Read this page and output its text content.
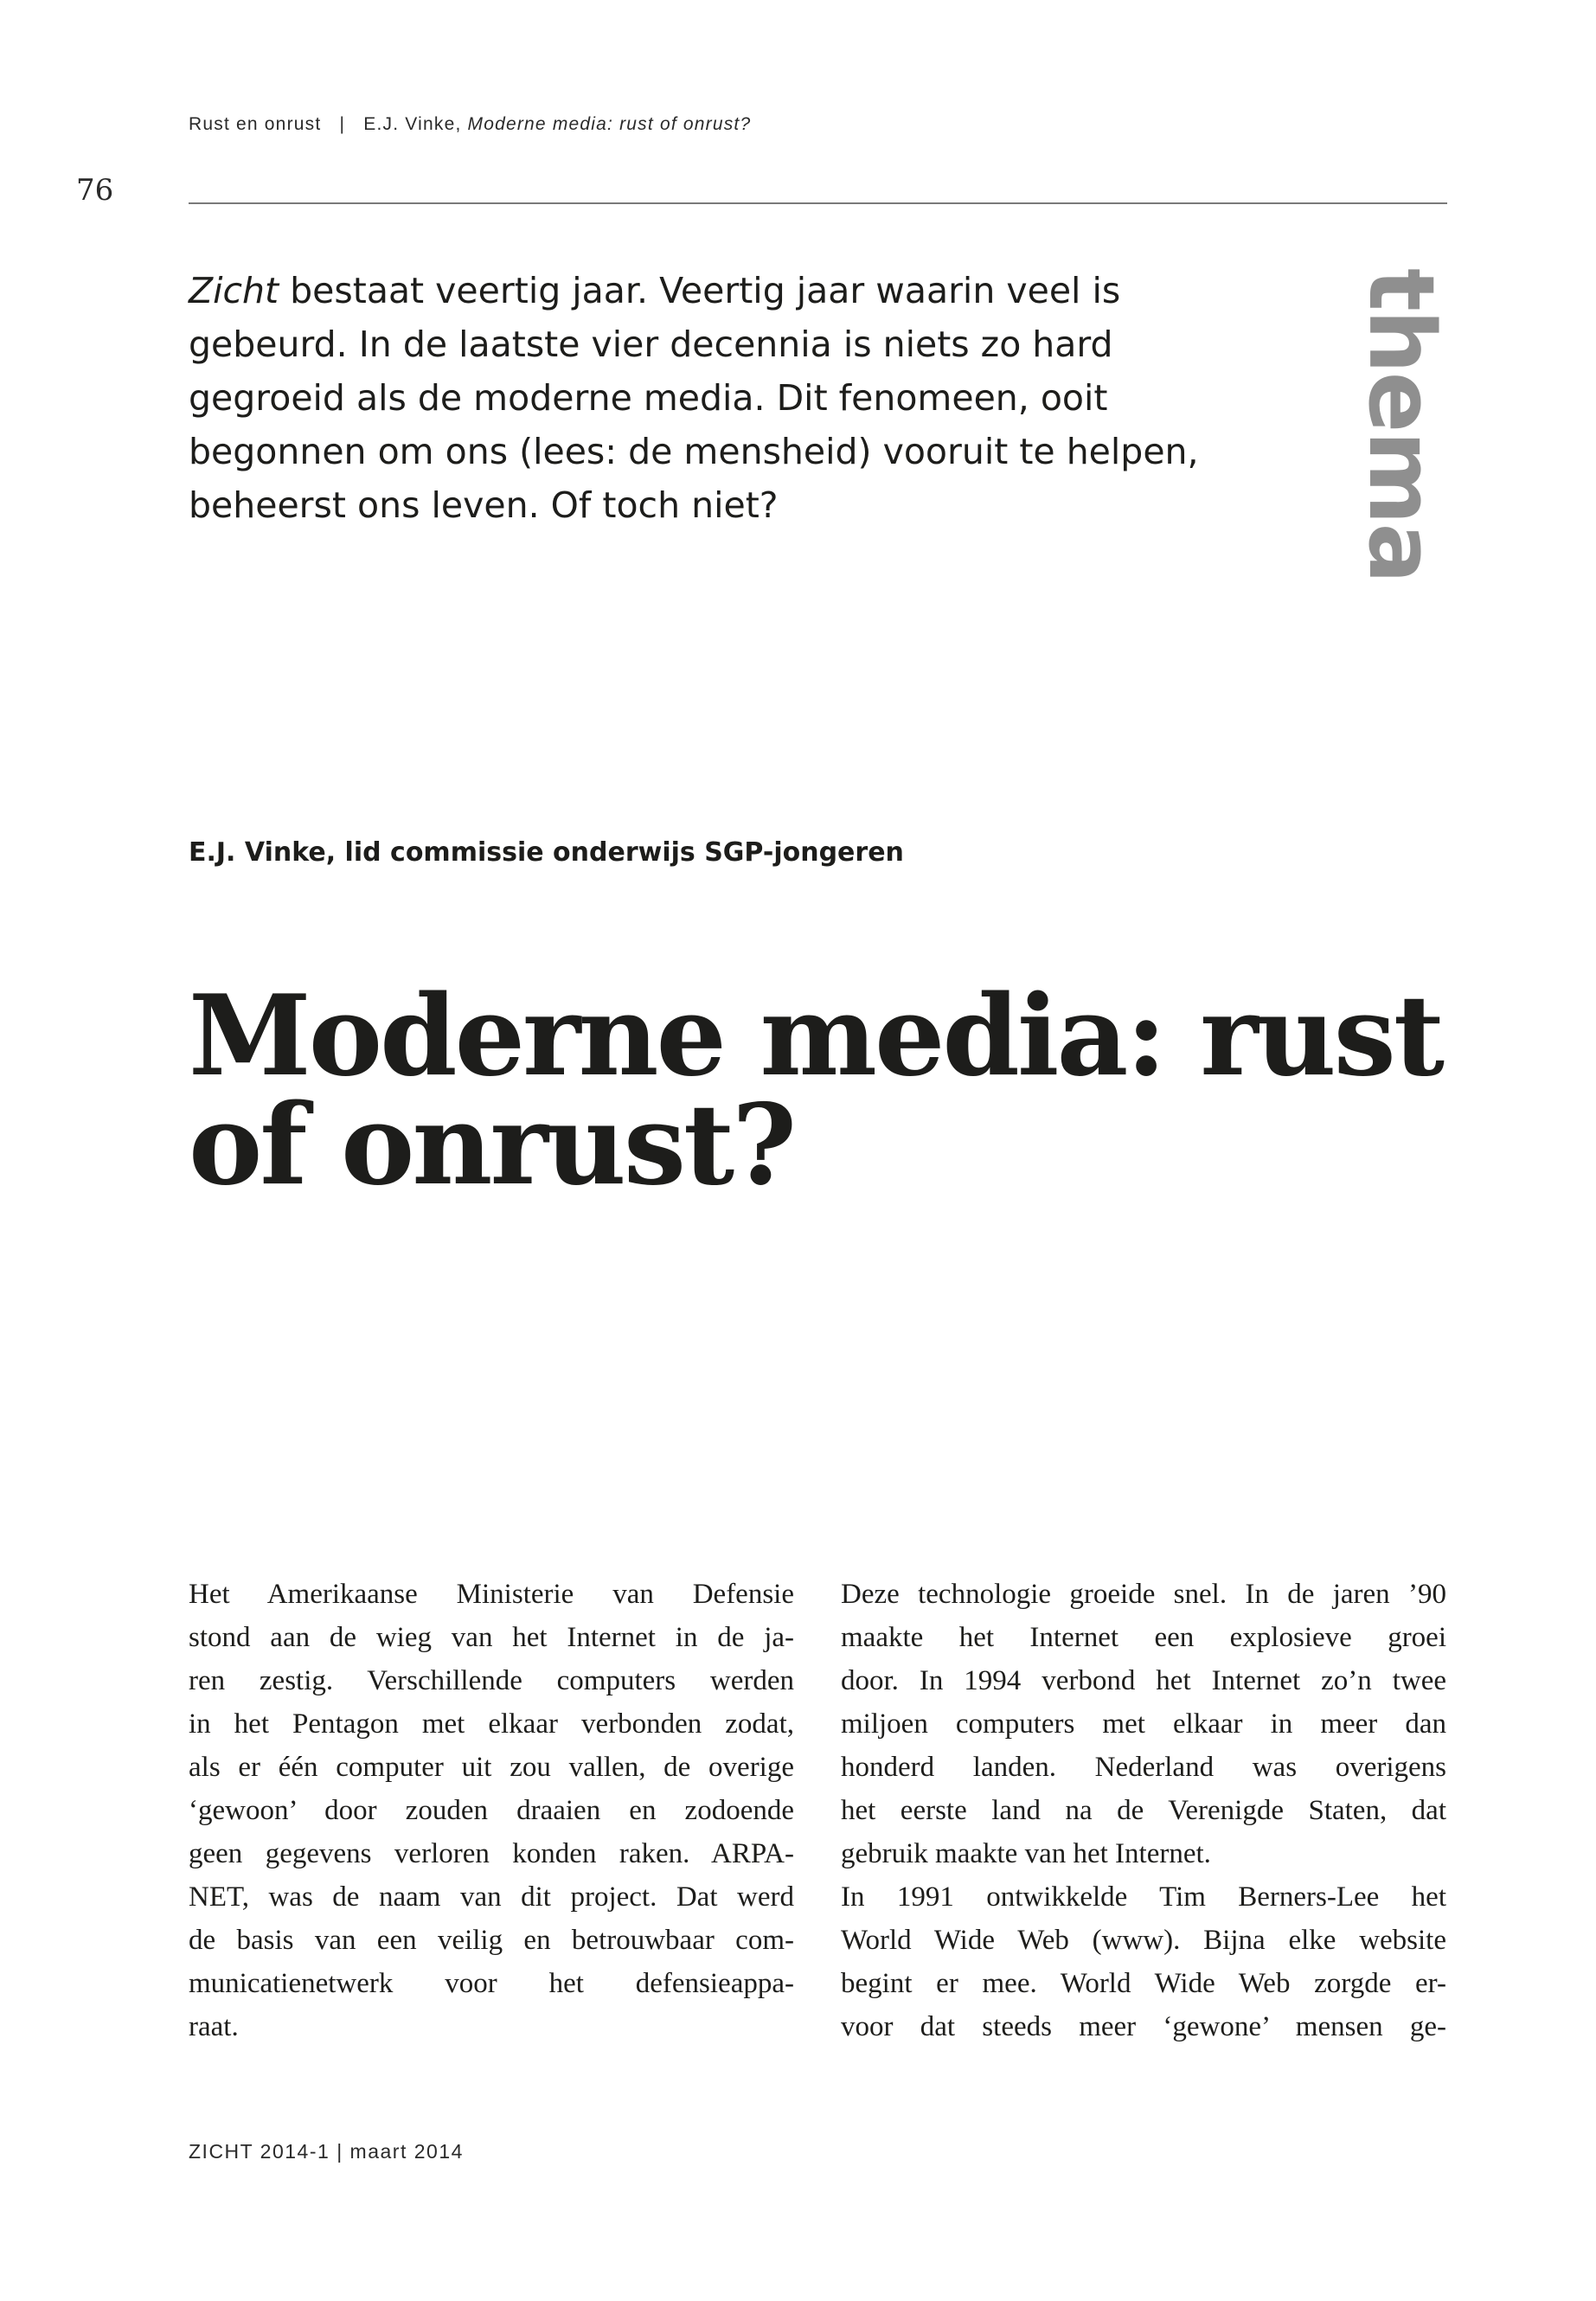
Rust en onrust | E.J. Vinke, Moderne media: rust of onrust?
76
thema
Zicht bestaat veertig jaar. Veertig jaar waarin veel is
gebeurd. In de laatste vier decennia is niets zo hard
gegroeid als de moderne media. Dit fenomeen, ooit
begonnen om ons (lees: de mensheid) vooruit te helpen,
beheerst ons leven. Of toch niet?
E.J. Vinke, lid commissie onderwijs SGP-jongeren
Moderne media: rust
of onrust?
Het Amerikaanse Ministerie van Defensie
stond aan de wieg van het Internet in de ja-
ren zestig. Verschillende computers werden
in het Pentagon met elkaar verbonden zodat,
als er één computer uit zou vallen, de overige
‘gewoon’ door zouden draaien en zodoende
geen gegevens verloren konden raken. ARPA-
NET, was de naam van dit project. Dat werd
de basis van een veilig en betrouwbaar com-
municatienetwerk voor het defensieappa-
raat.
Deze technologie groeide snel. In de jaren ’90
maakte het Internet een explosieve groei
door. In 1994 verbond het Internet zo’n twee
miljoen computers met elkaar in meer dan
honderd landen. Nederland was overigens
het eerste land na de Verenigde Staten, dat
gebruik maakte van het Internet.
In 1991 ontwikkelde Tim Berners-Lee het
World Wide Web (www). Bijna elke website
begint er mee. World Wide Web zorgde er-
voor dat steeds meer ‘gewone’ mensen ge-
ZICHT 2014-1 | maart 2014
